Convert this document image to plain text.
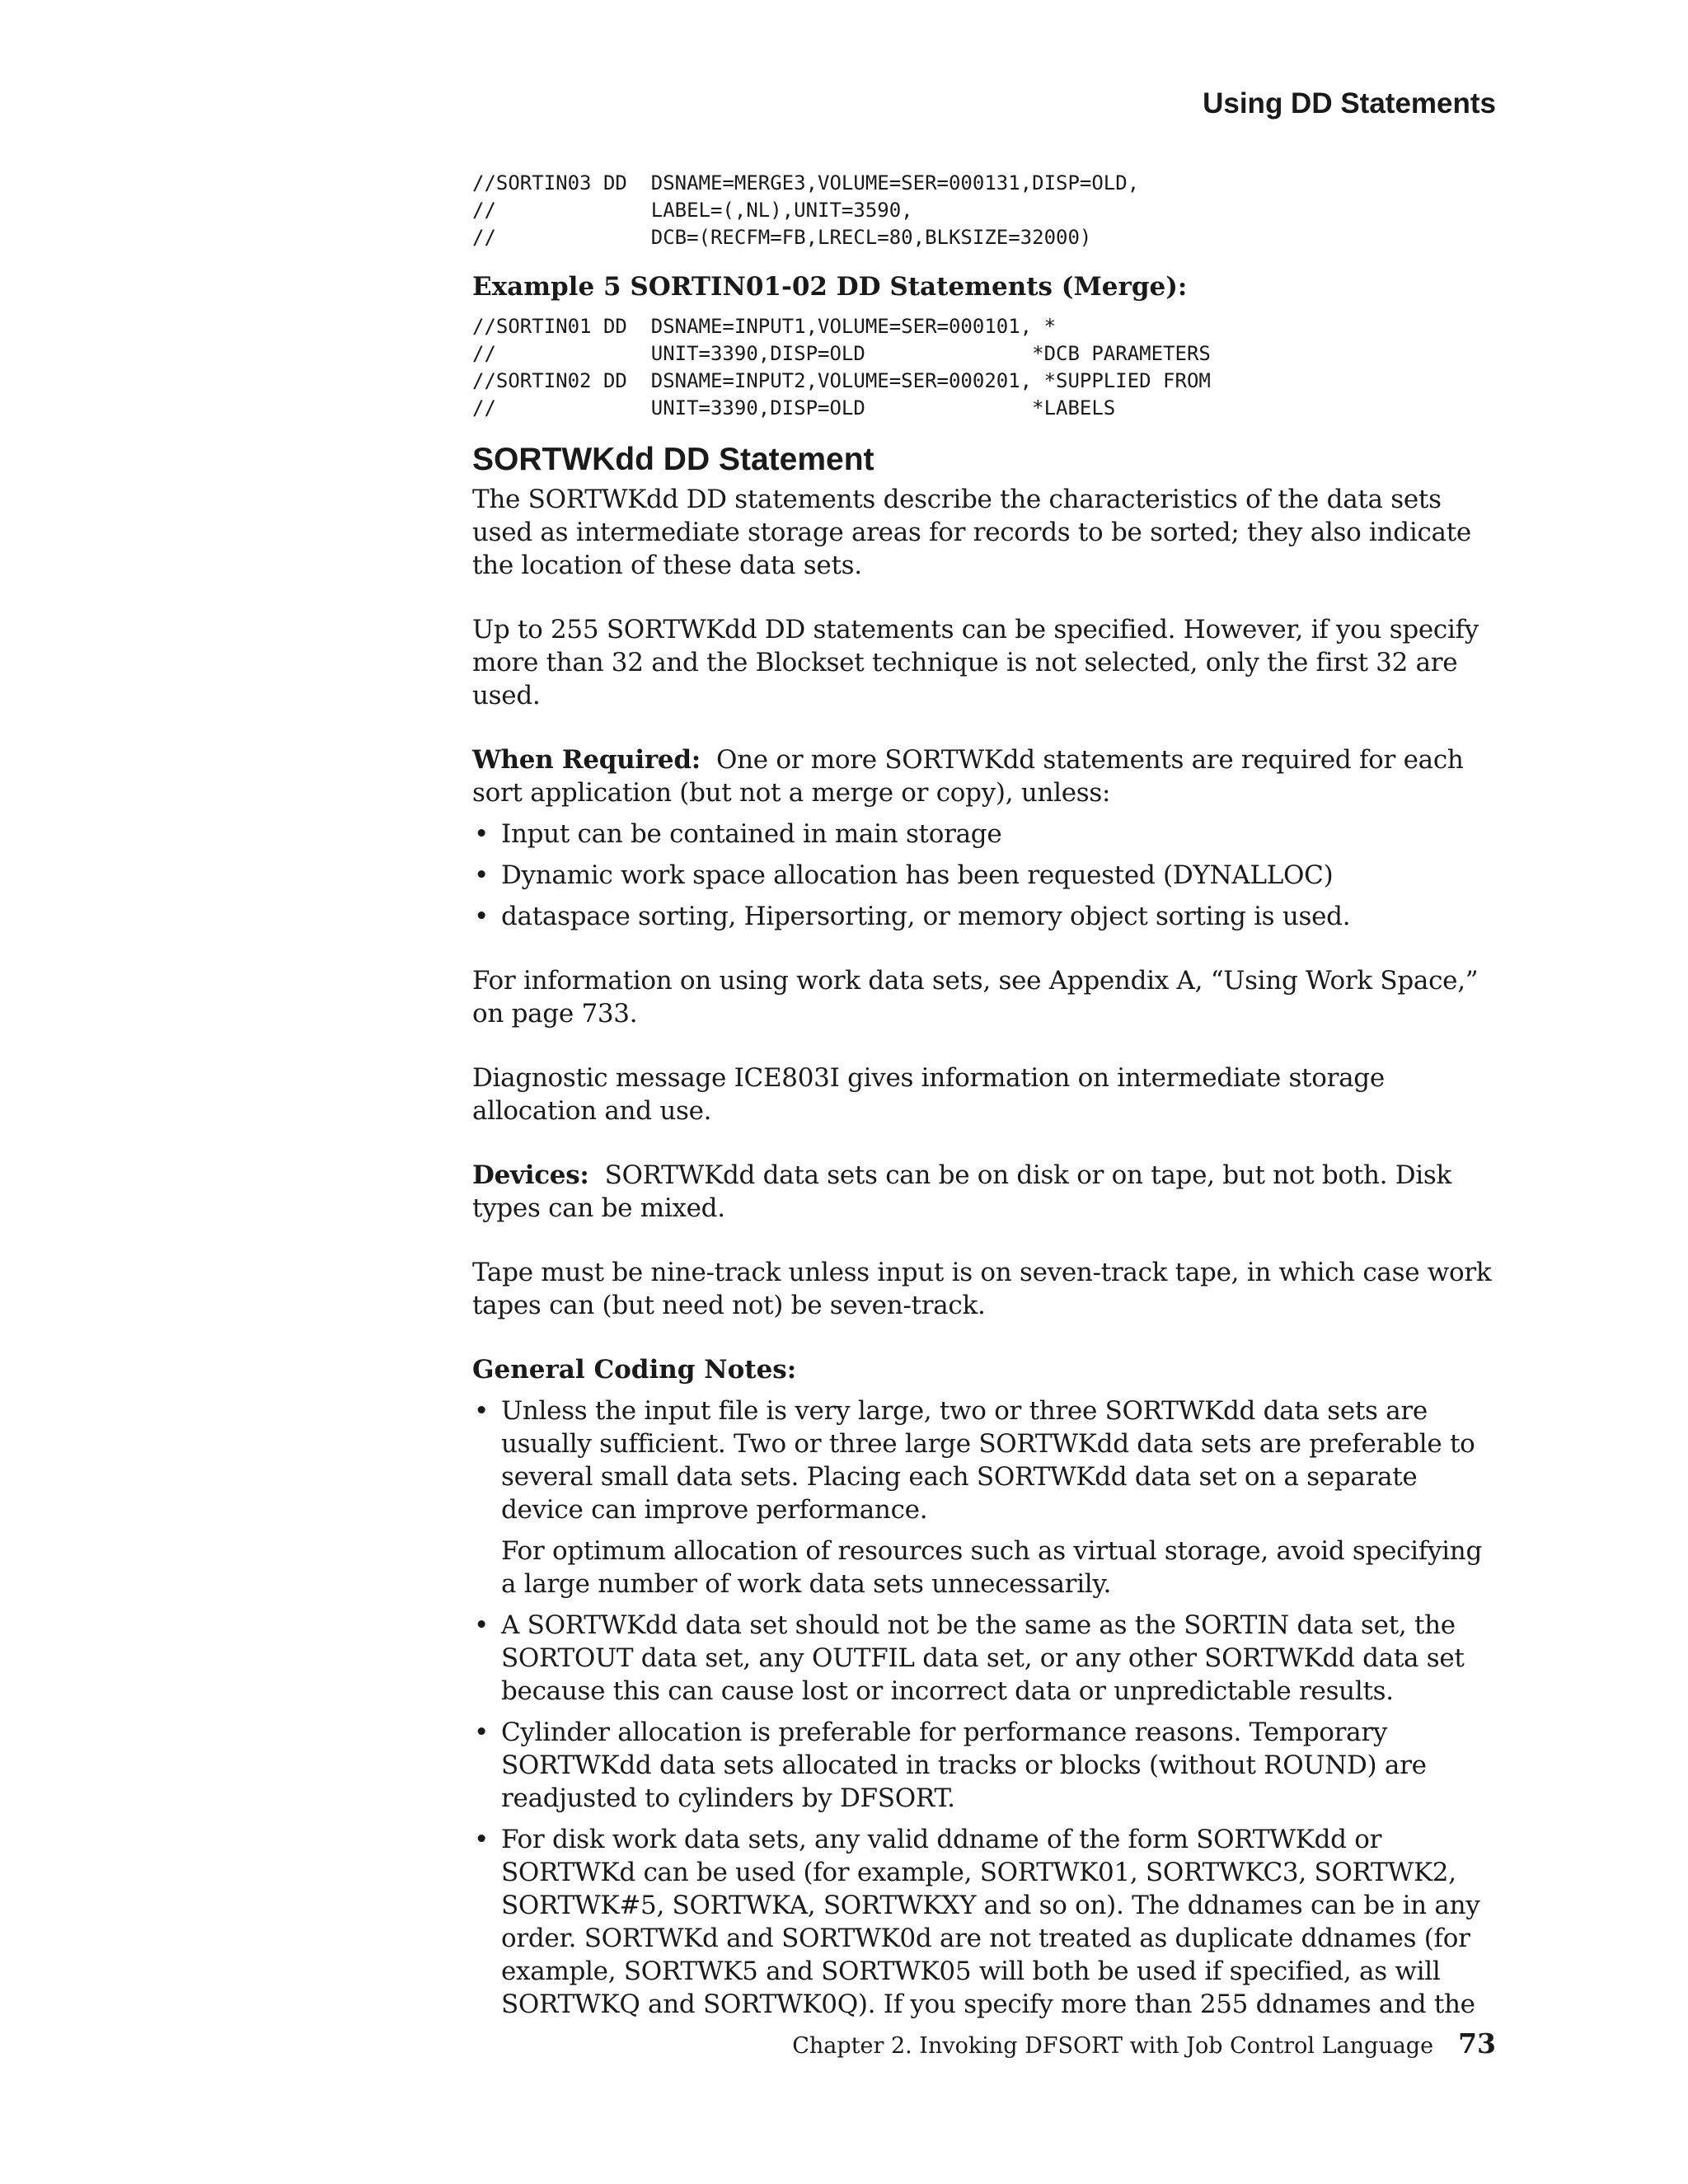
Using DD Statements

//SORTIN03 DD  DSNAME=MERGE3,VOLUME=SER=000131,DISP=OLD,
//             LABEL=(,NL),UNIT=3590,
//             DCB=(RECFM=FB,LRECL=80,BLKSIZE=32000)
Example 5 SORTIN01-02 DD Statements (Merge):
//SORTIN01 DD  DSNAME=INPUT1,VOLUME=SER=000101, *
//             UNIT=3390,DISP=OLD              *DCB PARAMETERS
//SORTIN02 DD  DSNAME=INPUT2,VOLUME=SER=000201, *SUPPLIED FROM
//             UNIT=3390,DISP=OLD              *LABELS
SORTWKdd DD Statement

The SORTWKdd DD statements describe the characteristics of the data sets used as intermediate storage areas for records to be sorted; they also indicate the location of these data sets.

Up to 255 SORTWKdd DD statements can be specified. However, if you specify more than 32 and the Blockset technique is not selected, only the first 32 are used.

When Required: One or more SORTWKdd statements are required for each sort application (but not a merge or copy), unless:

• Input can be contained in main storage
• Dynamic work space allocation has been requested (DYNALLOC)
• dataspace sorting, Hipersorting, or memory object sorting is used.

For information on using work data sets, see Appendix A, “Using Work Space,” on page 733.

Diagnostic message ICE803I gives information on intermediate storage allocation and use.

Devices: SORTWKdd data sets can be on disk or on tape, but not both. Disk types can be mixed.

Tape must be nine-track unless input is on seven-track tape, in which case work tapes can (but need not) be seven-track.

General Coding Notes:
• Unless the input file is very large, two or three SORTWKdd data sets are usually sufficient. Two or three large SORTWKdd data sets are preferable to several small data sets. Placing each SORTWKdd data set on a separate device can improve performance.
For optimum allocation of resources such as virtual storage, avoid specifying a large number of work data sets unnecessarily.
• A SORTWKdd data set should not be the same as the SORTIN data set, the SORTOUT data set, any OUTFIL data set, or any other SORTWKdd data set because this can cause lost or incorrect data or unpredictable results.
• Cylinder allocation is preferable for performance reasons. Temporary SORTWKdd data sets allocated in tracks or blocks (without ROUND) are readjusted to cylinders by DFSORT.
• For disk work data sets, any valid ddname of the form SORTWKdd or SORTWKd can be used (for example, SORTWK01, SORTWKC3, SORTWK2, SORTWK#5, SORTWKA, SORTWKXY and so on). The ddnames can be in any order. SORTWKd and SORTWK0d are not treated as duplicate ddnames (for example, SORTWK5 and SORTWK05 will both be used if specified, as will SORTWKQ and SORTWK0Q). If you specify more than 255 ddnames and the

Chapter 2. Invoking DFSORT with Job Control Language 73
